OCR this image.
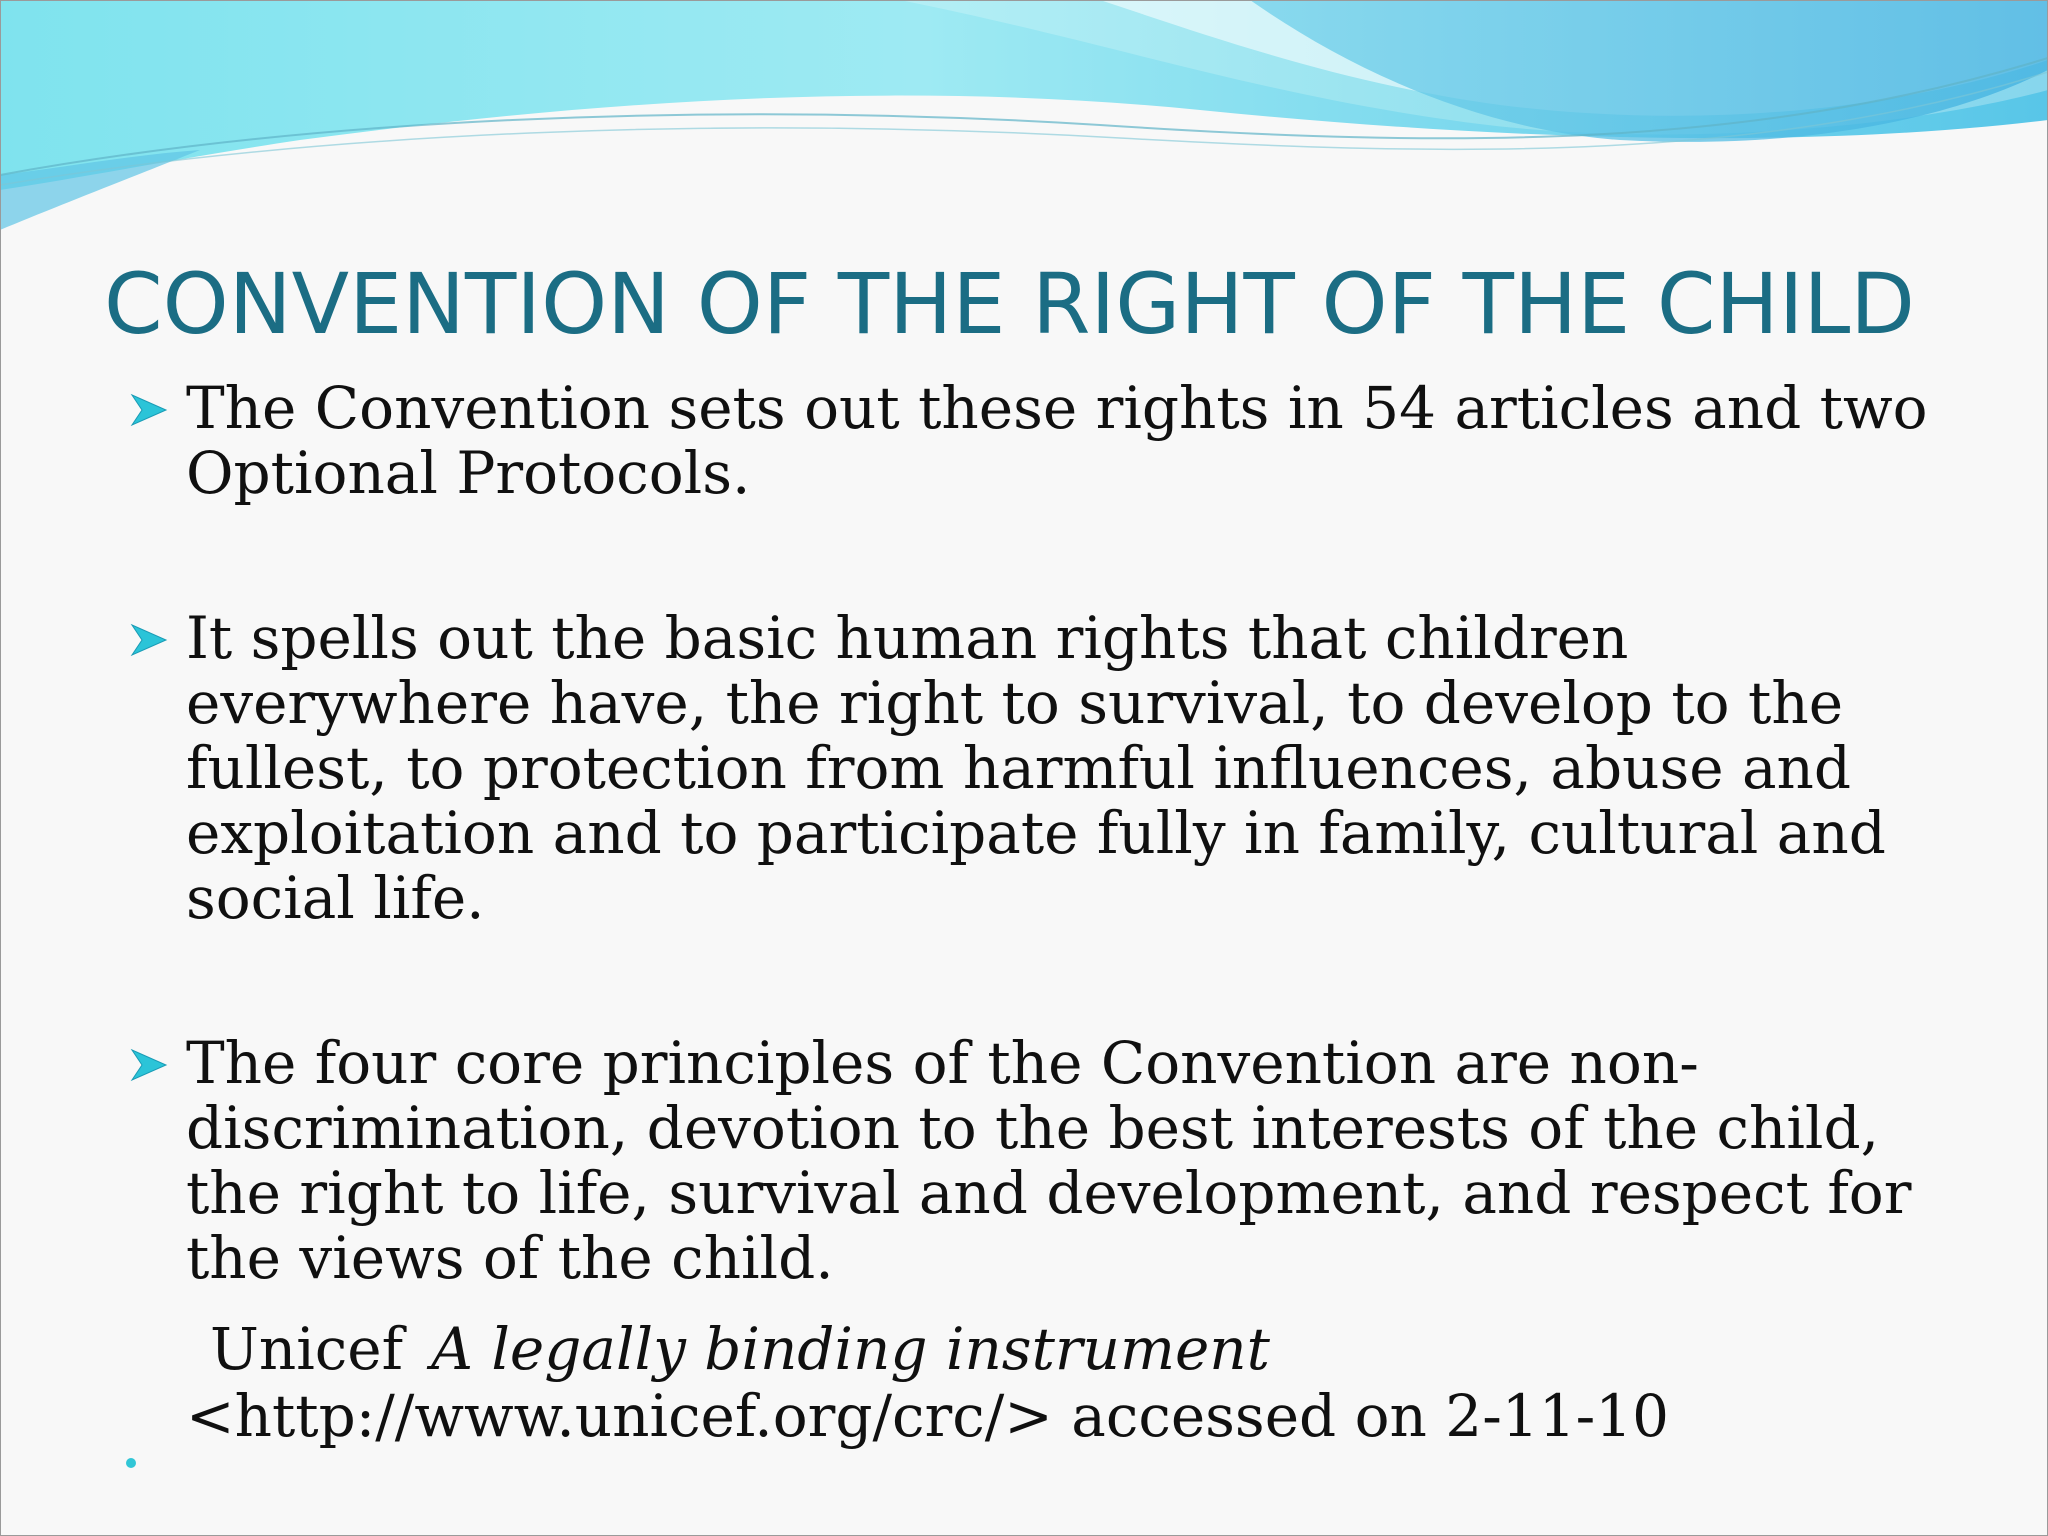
CONVENTION OF THE RIGHT OF THE CHILD
The Convention sets out these rights in 54 articles and two Optional Protocols.
It spells out the basic human rights that children everywhere have, the right to survival, to develop to the fullest, to protection from harmful influences, abuse and exploitation and to participate fully in family, cultural and social life.
The four core principles of the Convention are non-discrimination, devotion to the best interests of the child, the right to life, survival and development, and respect for the views of the child.
Unicef A legally binding instrument
<http://www.unicef.org/crc/> accessed on 2-11-10
